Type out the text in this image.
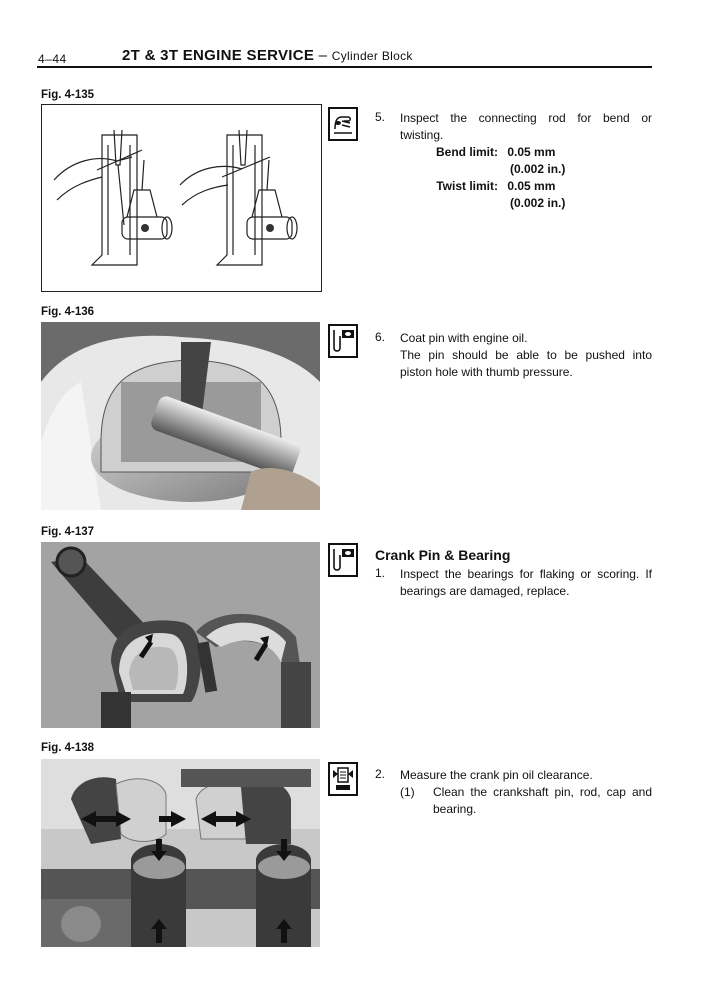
4–44	2T & 3T ENGINE SERVICE – Cylinder Block
Fig. 4-135
5. Inspect the connecting rod for bend or
twisting.
Bend limit: 0.05 mm
(0.002 in.)
Twist limit: 0.05 mm
(0.002 in.)
Fig. 4-136
6. Coat pin with engine oil.
The pin should be able to be pushed into
piston hole with thumb pressure.
Fig. 4-137
Crank Pin & Bearing
1. Inspect the bearings for flaking or scoring. If
bearings are damaged, replace.
Fig. 4-138
2. Measure the crank pin oil clearance.
(1) Clean the crankshaft pin, rod, cap and
bearing.
